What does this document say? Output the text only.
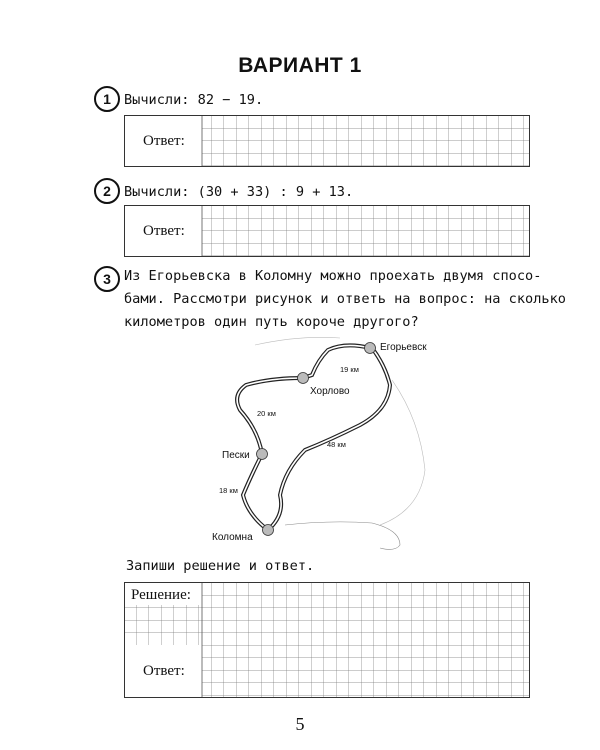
ВАРИАНТ 1
1 Вычисли: 82 − 19.
Ответ:
2 Вычисли: (30 + 33) : 9 + 13.
Ответ:
3 Из Егорьевска в Коломну можно проехать двумя спосо-
бами. Рассмотри рисунок и ответь на вопрос: на сколько
километров один путь короче другого?
Егорьевск
Хорлово
Пески
Коломна
19 км
20 км
48 км
18 км
Запиши решение и ответ.
Решение:
Ответ:
5
